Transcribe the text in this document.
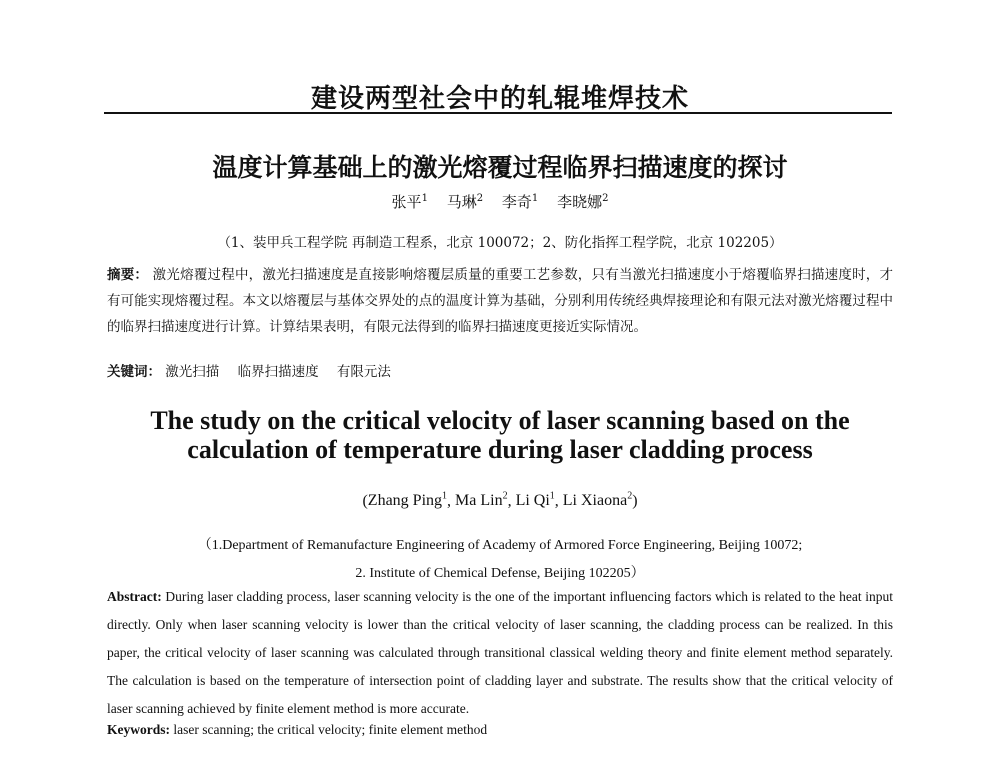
建设两型社会中的轧辊堆焊技术
温度计算基础上的激光熔覆过程临界扫描速度的探讨
张平$^1$ 马琳$^2$ 李奇$^1$ 李晓娜$^2$
（1、装甲兵工程学院 再制造工程系，北京 100072；2、防化指挥工程学院，北京 102205）
摘要： 激光熔覆过程中，激光扫描速度是直接影响熔覆层质量的重要工艺参数，只有当激光扫描速度小于熔覆临界扫描速度时，才有可能实现熔覆过程。本文以熔覆层与基体交界处的点的温度计算为基础，分别利用传统经典焊接理论和有限元法对激光熔覆过程中的临界扫描速度进行计算。计算结果表明，有限元法得到的临界扫描速度更接近实际情况。
关键词： 激光扫描 临界扫描速度 有限元法
The study on the critical velocity of laser scanning based on the
calculation of temperature during laser cladding process
(Zhang Ping$^1$, Ma Lin$^2$, Li Qi$^1$, Li Xiaona$^2$)
（1.Department of Remanufacture Engineering of Academy of Armored Force Engineering, Beijing 10072;
2. Institute of Chemical Defense, Beijing 102205）
Abstract: During laser cladding process, laser scanning velocity is the one of the important influencing factors which is related to the heat input directly. Only when laser scanning velocity is lower than the critical velocity of laser scanning, the cladding process can be realized. In this paper, the critical velocity of laser scanning was calculated through transitional classical welding theory and finite element method separately. The calculation is based on the temperature of intersection point of cladding layer and substrate. The results show that the critical velocity of laser scanning achieved by finite element method is more accurate.
Keywords: laser scanning; the critical velocity; finite element method
